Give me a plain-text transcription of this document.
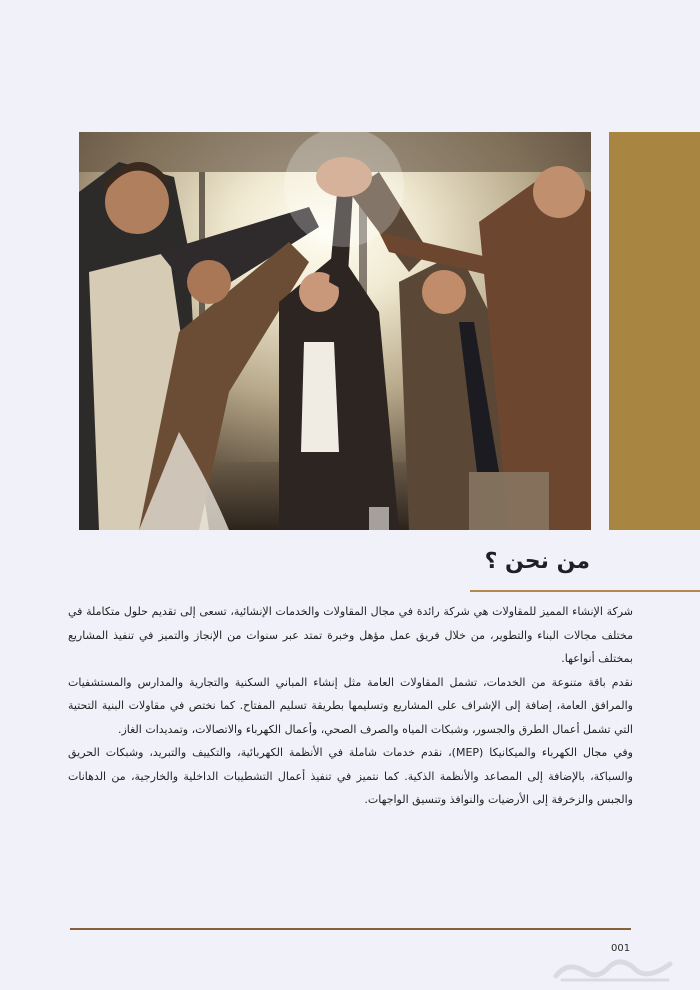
من نحن ؟

شركة الإنشاء المميز للمقاولات هي شركة رائدة في مجال المقاولات والخدمات الإنشائية، تسعى إلى تقديم حلول متكاملة في مختلف مجالات البناء والتطوير، من خلال فريق عمل مؤهل وخبرة تمتد عبر سنوات من الإنجاز والتميز في تنفيذ المشاريع بمختلف أنواعها.

نقدم باقة متنوعة من الخدمات، تشمل المقاولات العامة مثل إنشاء المباني السكنية والتجارية والمدارس والمستشفيات والمرافق العامة، إضافة إلى الإشراف على المشاريع وتسليمها بطريقة تسليم المفتاح. كما نختص في مقاولات البنية التحتية التي تشمل أعمال الطرق والجسور، وشبكات المياه والصرف الصحي، وأعمال الكهرباء والاتصالات، وتمديدات الغاز.

وفي مجال الكهرباء والميكانيكا (MEP)، نقدم خدمات شاملة في الأنظمة الكهربائية، والتكييف والتبريد، وشبكات الحريق والسباكة، بالإضافة إلى المصاعد والأنظمة الذكية. كما نتميز في تنفيذ أعمال التشطيبات الداخلية والخارجية، من الدهانات والجبس والزخرفة إلى الأرضيات والنوافذ وتنسيق الواجهات.

001
